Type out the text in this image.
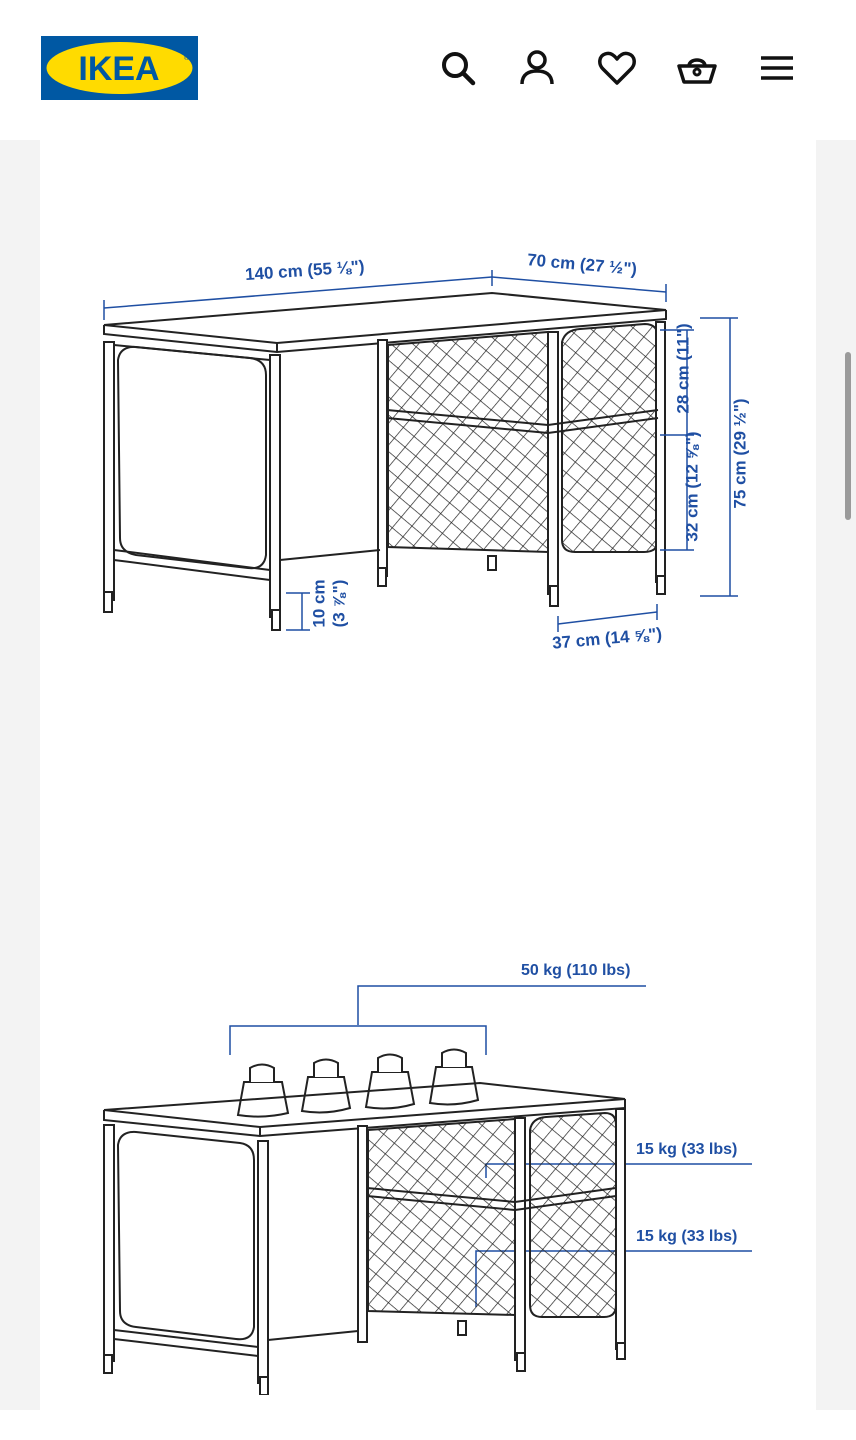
IKEA	®
140 cm (55 ⅛")	70 cm (27 ½")
28 cm (11")
32 cm (12 ⅝") 75 cm (29 ½")
10 cm (3 ⅞")
37 cm (14 ⅝")
50 kg (110 lbs)
15 kg (33 lbs)
15 kg (33 lbs)
